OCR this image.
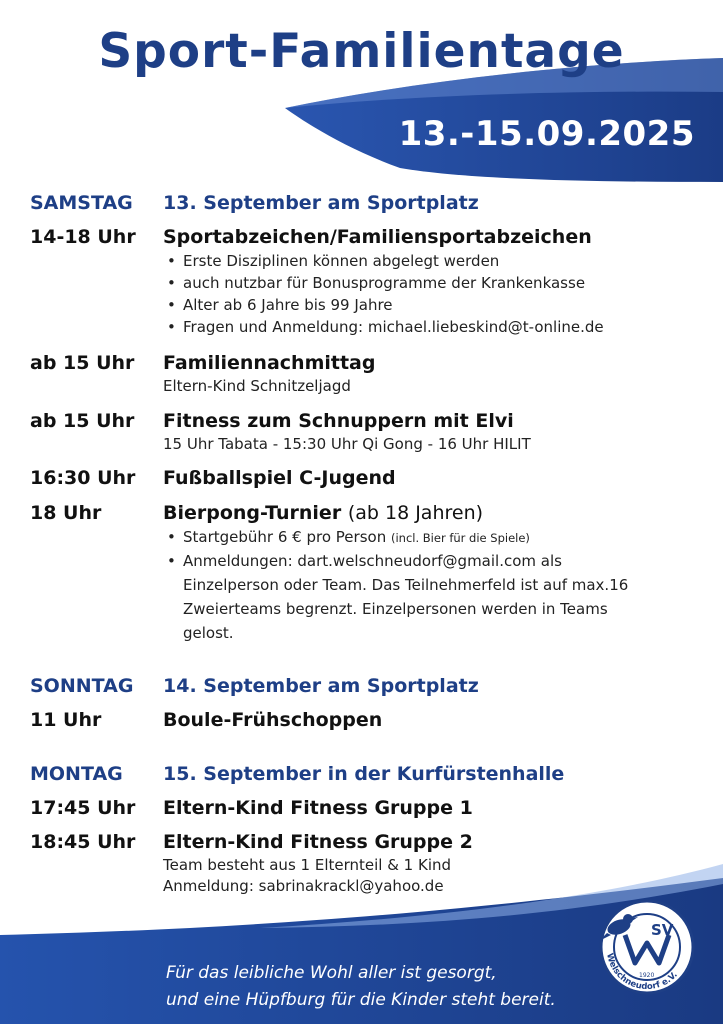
Sport-Familientage
13.-15.09.2025
SAMSTAG	13. September am Sportplatz
14-18 Uhr	Sportabzeichen/Familiensportabzeichen
• Erste Disziplinen können abgelegt werden
• auch nutzbar für Bonusprogramme der Krankenkasse
• Alter ab 6 Jahre bis 99 Jahre
• Fragen und Anmeldung: michael.liebeskind@t-online.de
ab 15 Uhr	Familiennachmittag
Eltern-Kind Schnitzeljagd
ab 15 Uhr	Fitness zum Schnuppern mit Elvi
15 Uhr Tabata - 15:30 Uhr Qi Gong - 16 Uhr HILIT
16:30 Uhr	Fußballspiel C-Jugend
18 Uhr	Bierpong-Turnier (ab 18 Jahren)
• Startgebühr 6 € pro Person (incl. Bier für die Spiele)
• Anmeldungen: dart.welschneudorf@gmail.com als Einzelperson oder Team. Das Teilnehmerfeld ist auf max.16 Zweierteams begrenzt. Einzelpersonen werden in Teams gelost.
SONNTAG	14. September am Sportplatz
11 Uhr	Boule-Frühschoppen
MONTAG	15. September in der Kurfürstenhalle
17:45 Uhr	Eltern-Kind Fitness Gruppe 1
18:45 Uhr	Eltern-Kind Fitness Gruppe 2
Team besteht aus 1 Elternteil & 1 Kind
Anmeldung: sabrinakrackl@yahoo.de
Für das leibliche Wohl aller ist gesorgt,
und eine Hüpfburg für die Kinder steht bereit.
SV
1920
Welschneudorf e.V.
